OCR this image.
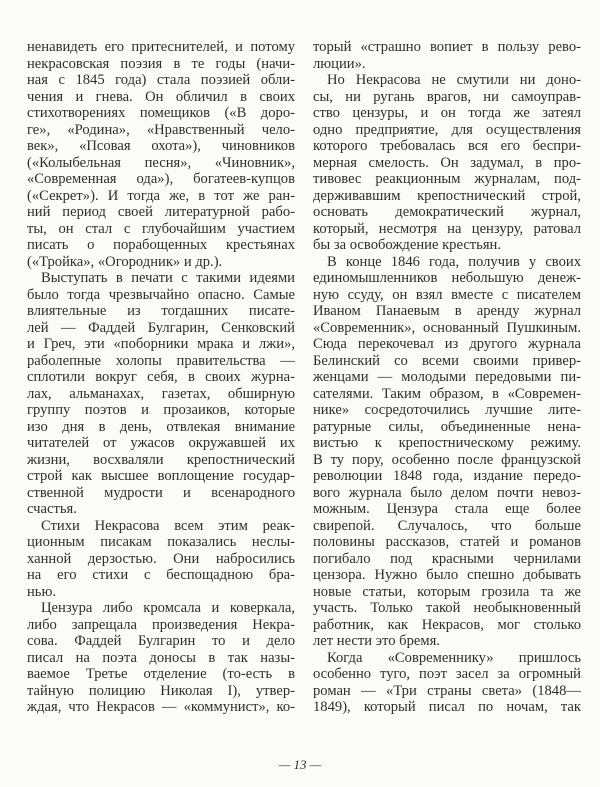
ненавидеть его притеснителей, и потому
некрасовская поэзия в те годы (начи-
ная с 1845 года) стала поэзией обли-
чения и гнева. Он обличил в своих
стихотворениях помещиков («В доро-
ге», «Родина», «Нравственный чело-
век», «Псовая охота»), чиновников
(«Колыбельная песня», «Чиновник»,
«Современная ода»), богатеев-купцов
(«Секрет»). И тогда же, в тот же ран-
ний период своей литературной рабо-
ты, он стал с глубочайшим участием
писать о порабощенных крестьянах
(«Тройка», «Огородник» и др.).
Выступать в печати с такими идеями
было тогда чрезвычайно опасно. Самые
влиятельные из тогдашних писате-
лей — Фаддей Булгарин, Сенковский
и Греч, эти «поборники мрака и лжи»,
раболепные холопы правительства —
сплотили вокруг себя, в своих журна-
лах, альманахах, газетах, обширную
группу поэтов и прозаиков, которые
изо дня в день, отвлекая внимание
читателей от ужасов окружавшей их
жизни, восхваляли крепостнический
строй как высшее воплощение государ-
ственной мудрости и всенародного
счастья.
Стихи Некрасова всем этим реак-
ционным писакам показались неслы-
ханной дерзостью. Они набросились
на его стихи с беспощадною бра-
нью.
Цензура либо кромсала и коверкала,
либо запрещала произведения Некра-
сова. Фаддей Булгарин то и дело
писал на поэта доносы в так назы-
ваемое Третье отделение (то-есть в
тайную полицию Николая I), утвер-
ждая, что Некрасов — «коммунист», ко-
торый «страшно вопиет в пользу рево-
люции».
Но Некрасова не смутили ни доно-
сы, ни ругань врагов, ни самоуправ-
ство цензуры, и он тогда же затеял
одно предприятие, для осуществления
которого требовалась вся его беспри-
мерная смелость. Он задумал, в про-
тивовес реакционным журналам, под-
держивавшим крепостнический строй,
основать демократический журнал,
который, несмотря на цензуру, ратовал
бы за освобождение крестьян.
В конце 1846 года, получив у своих
единомышленников небольшую денеж-
ную ссуду, он взял вместе с писателем
Иваном Панаевым в аренду журнал
«Современник», основанный Пушкиным.
Сюда перекочевал из другого журнала
Белинский со всеми своими привер-
женцами — молодыми передовыми пи-
сателями. Таким образом, в «Современ-
нике» сосредоточились лучшие лите-
ратурные силы, объединенные нена-
вистью к крепостническому режиму.
В ту пору, особенно после французской
революции 1848 года, издание передо-
вого журнала было делом почти невоз-
можным. Цензура стала еще более
свирепой. Случалось, что больше
половины рассказов, статей и романов
погибало под красными чернилами
цензора. Нужно было спешно добывать
новые статьи, которым грозила та же
участь. Только такой необыкновенный
работник, как Некрасов, мог столько
лет нести это бремя.
Когда «Современнику» пришлось
особенно туго, поэт засел за огромный
роман — «Три страны света» (1848—
1849), который писал по ночам, так
— 13 —
